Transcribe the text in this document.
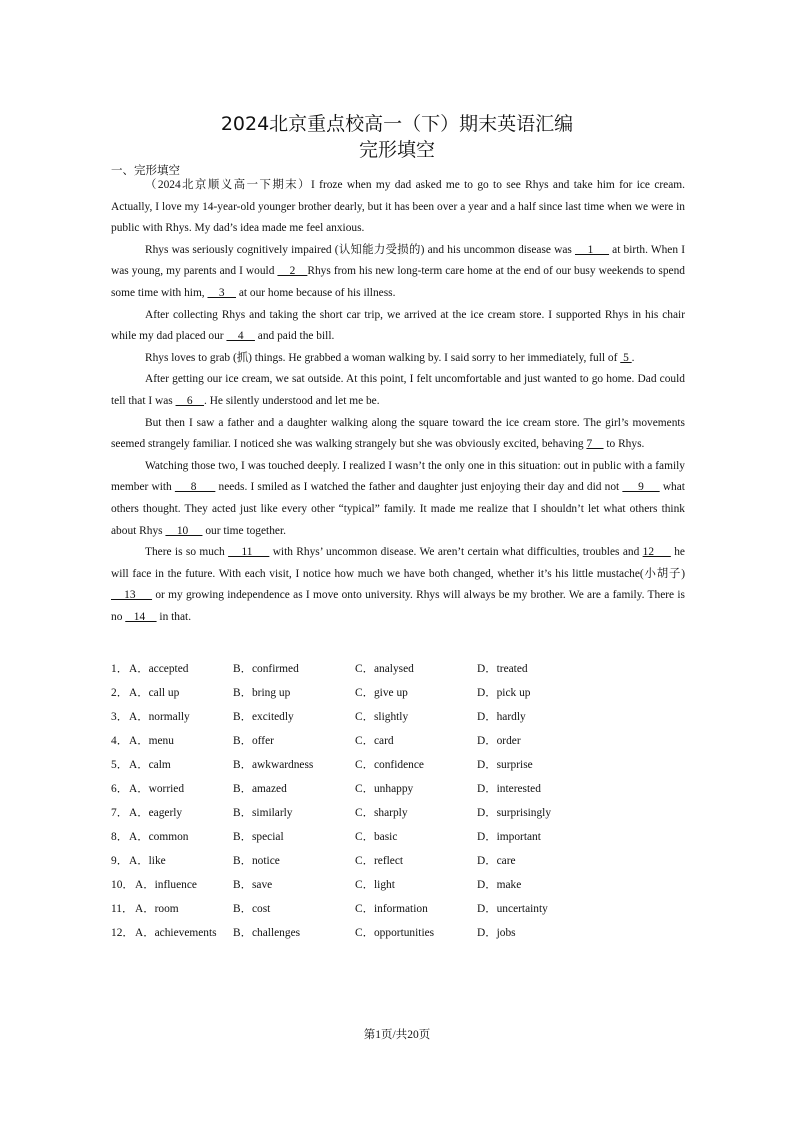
2024北京重点校高一（下）期末英语汇编
完形填空
一、完形填空

（2024北京顺义高一下期末）I froze when my dad asked me to go to see Rhys and take him for ice cream. Actually, I love my 14-year-old younger brother dearly, but it has been over a year and a half since last time when we were in public with Rhys. My dad’s idea made me feel anxious.

Rhys was seriously cognitively impaired (认知能力受损的) and his uncommon disease was     1      at birth. When I was young, my parents and I would     2    Rhys from his new long-term care home at the end of our busy weekends to spend some time with him,     3     at our home because of his illness.

After collecting Rhys and taking the short car trip, we arrived at the ice cream store. I supported Rhys in his chair while my dad placed our     4     and paid the bill.

Rhys loves to grab (抓) things. He grabbed a woman walking by. I said sorry to her immediately, full of  5 .

After getting our ice cream, we sat outside. At this point, I felt uncomfortable and just wanted to go home. Dad could tell that I was     6    . He silently understood and let me be.

But then I saw a father and a daughter walking along the square toward the ice cream store. The girl’s movements seemed strangely familiar. I noticed she was walking strangely but she was obviously excited, behaving 7     to Rhys.

Watching those two, I was touched deeply. I realized I wasn’t the only one in this situation: out in public with a family member with      8       needs. I smiled as I watched the father and daughter just enjoying their day and did not      9      what others thought. They acted just like every other “typical” family. It made me realize that I shouldn’t let what others think about Rhys     10      our time together.

There is so much     11      with Rhys’ uncommon disease. We aren’t certain what difficulties, troubles and 12      he will face in the future. With each visit, I notice how much we have both changed, whether it’s his little mustache(小胡子)     13      or my growing independence as I move onto university. Rhys will always be my brother. We are a family. There is no    14     in that.

1． A．accepted	B．confirmed	C．analysed	D．treated
2． A．call up	B．bring up	C．give up	D．pick up
3． A．normally	B．excitedly	C．slightly	D．hardly
4． A．menu	B．offer	C．card	D．order
5． A．calm	B．awkwardness	C．confidence	D．surprise
6． A．worried	B．amazed	C．unhappy	D．interested
7． A．eagerly	B．similarly	C．sharply	D．surprisingly
8． A．common	B．special	C．basic	D．important
9． A．like	B．notice	C．reflect	D．care
10． A．influence	B．save	C．light	D．make
11． A．room	B．cost	C．information	D．uncertainty
12． A．achievements B．challenges	C．opportunities	D．jobs
第1页/共20页
